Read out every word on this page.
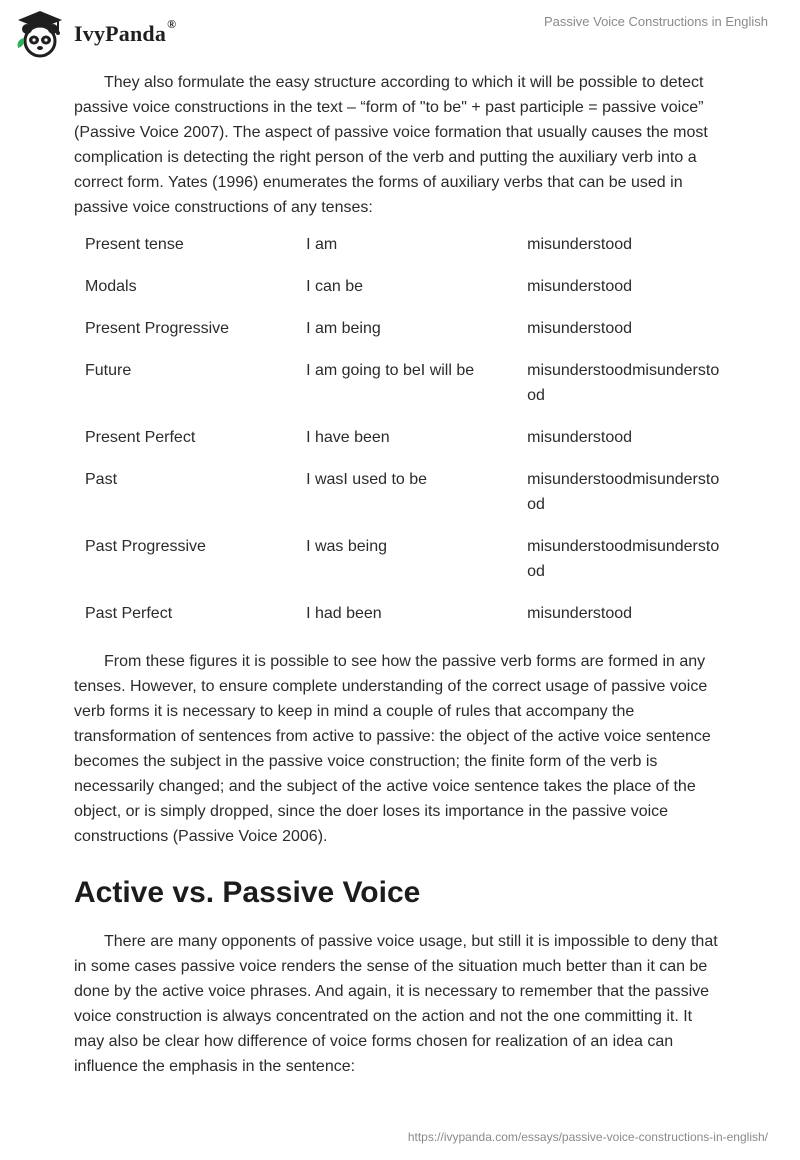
IvyPanda®	Passive Voice Constructions in English

They also formulate the easy structure according to which it will be possible to detect passive voice constructions in the text – “form of "to be" + past participle = passive voice” (Passive Voice 2007). The aspect of passive voice formation that usually causes the most complication is detecting the right person of the verb and putting the auxiliary verb into a correct form. Yates (1996) enumerates the forms of auxiliary verbs that can be used in passive voice constructions of any tenses:

Present tense	I am	misunderstood
Modals	I can be	misunderstood
Present Progressive	I am being	misunderstood
Future	I am going to beI will be	misunderstoodmisunderstood
Present Perfect	I have been	misunderstood
Past	I wasI used to be	misunderstoodmisunderstood
Past Progressive	I was being	misunderstoodmisunderstood
Past Perfect	I had been	misunderstood

From these figures it is possible to see how the passive verb forms are formed in any tenses. However, to ensure complete understanding of the correct usage of passive voice verb forms it is necessary to keep in mind a couple of rules that accompany the transformation of sentences from active to passive: the object of the active voice sentence becomes the subject in the passive voice construction; the finite form of the verb is necessarily changed; and the subject of the active voice sentence takes the place of the object, or is simply dropped, since the doer loses its importance in the passive voice constructions (Passive Voice 2006).

Active vs. Passive Voice

There are many opponents of passive voice usage, but still it is impossible to deny that in some cases passive voice renders the sense of the situation much better than it can be done by the active voice phrases. And again, it is necessary to remember that the passive voice construction is always concentrated on the action and not the one committing it. It may also be clear how difference of voice forms chosen for realization of an idea can influence the emphasis in the sentence:

https://ivypanda.com/essays/passive-voice-constructions-in-english/
